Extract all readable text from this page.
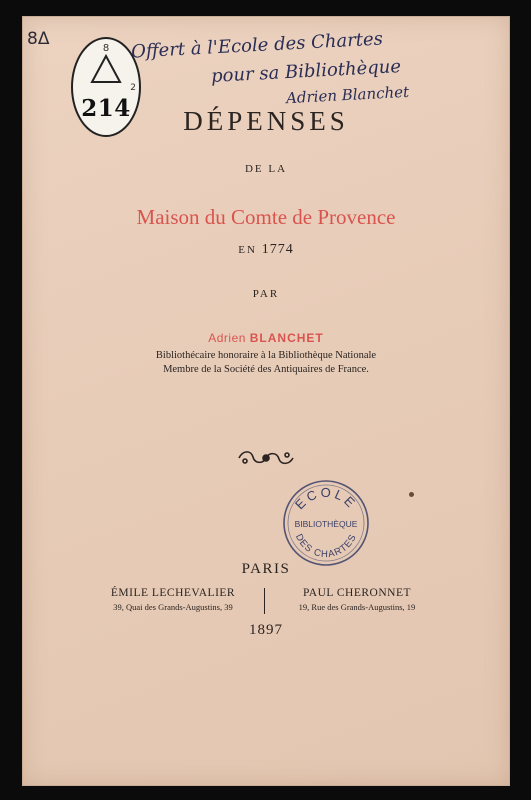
8Δ	8
2
214
Offert à l'Ecole des Chartes
pour sa Bibliothèque
Adrien Blanchet
DÉPENSES
DE LA
Maison du Comte de Provence
EN 1774
PAR
Adrien BLANCHET
Bibliothécaire honoraire à la Bibliothèque Nationale
Membre de la Société des Antiquaires de France.
ECOLE
BIBLIOTHÈQUE
DES CHARTES
PARIS
ÉMILE LECHEVALIER
39, Quai des Grands-Augustins, 39
PAUL CHERONNET
19, Rue des Grands-Augustins, 19
1897
